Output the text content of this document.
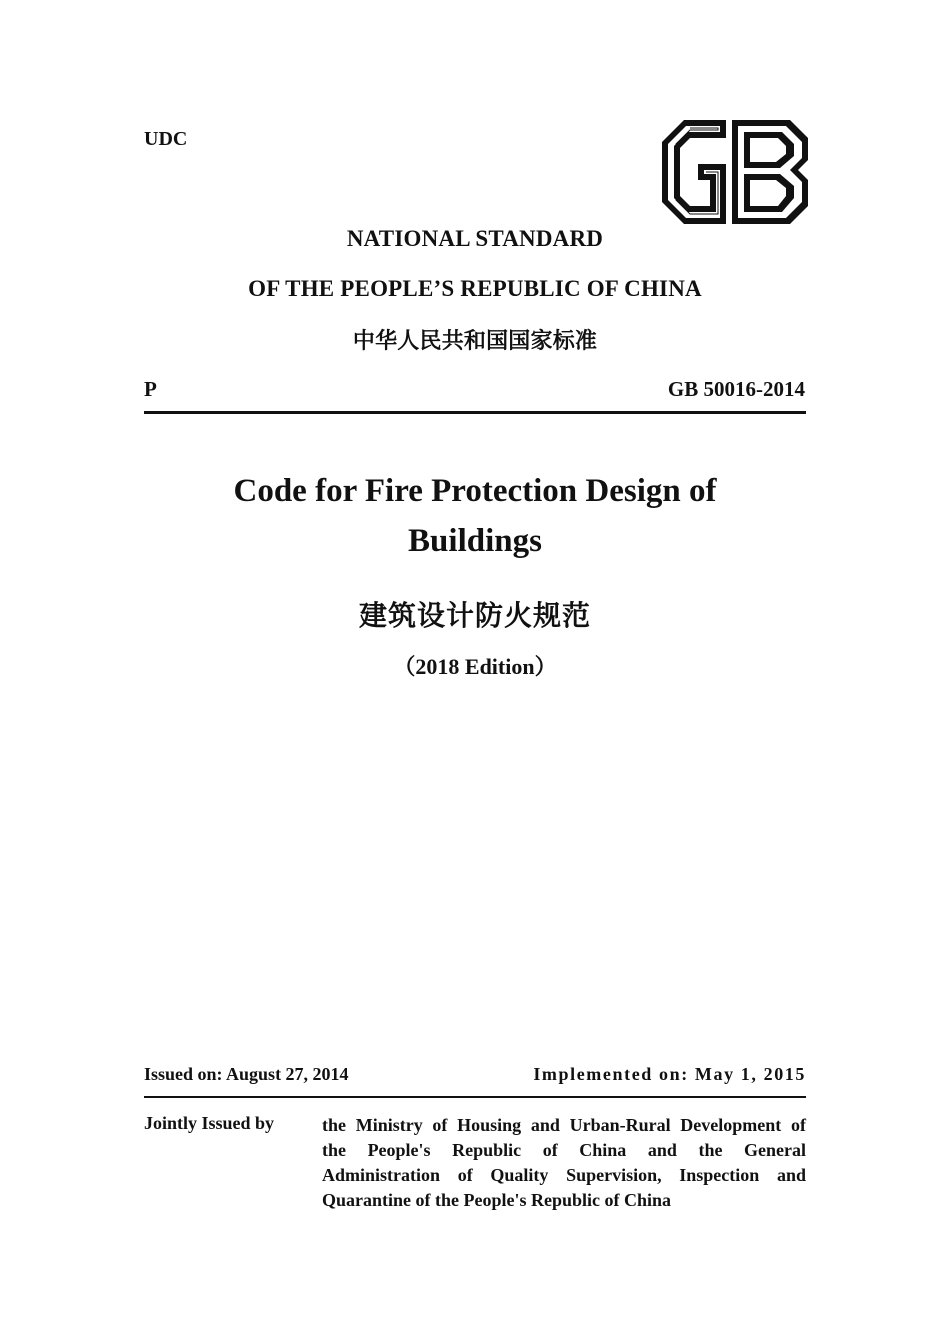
UDC
NATIONAL STANDARD
OF THE PEOPLE’S REPUBLIC OF CHINA
中华人民共和国国家标准
P	GB 50016-2014
Code for Fire Protection Design of
Buildings
建筑设计防火规范
（2018 Edition）
Issued on: August 27, 2014	Implemented on: May 1, 2015
Jointly Issued by	the Ministry of Housing and Urban-Rural Development of
the People's Republic of China and the General
Administration of Quality Supervision, Inspection and
Quarantine of the People's Republic of China
